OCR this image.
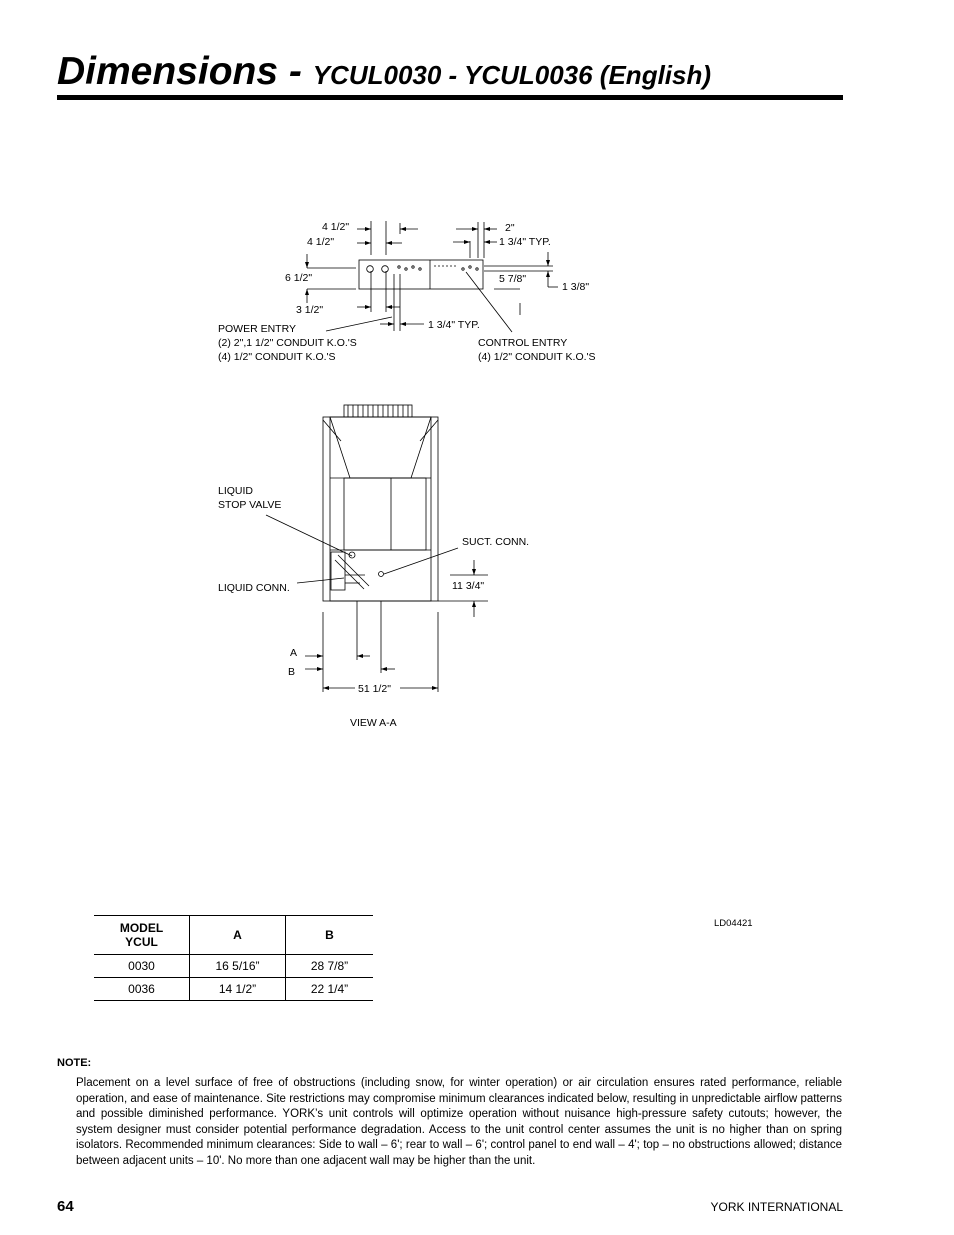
Dimensions - YCUL0030 - YCUL0036 (English)
4 1/2"
4 1/2"
2"
1 3/4" TYP.
6 1/2"	5 7/8"
1 3/8"
3 1/2"
1 3/4" TYP.
POWER ENTRY
(2) 2",1 1/2" CONDUIT K.O.'S
(4) 1/2" CONDUIT K.O.'S
CONTROL ENTRY
(4) 1/2" CONDUIT K.O.'S
LIQUID
STOP VALVE
SUCT. CONN.
LIQUID CONN.	11 3/4"
A
B
51 1/2"
VIEW A-A
LD04421
MODEL
YCUL	A	B
0030	16 5/16”	28 7/8”
0036	14 1/2”	22 1/4”
NOTE:
Placement on a level surface of free of obstructions (including snow, for winter operation) or air circulation ensures rated performance, reliable operation, and ease of maintenance. Site restrictions may compromise minimum clearances indicated below, resulting in unpredictable airflow patterns and possible diminished performance. YORK’s unit controls will optimize operation without nuisance high-pressure safety cutouts; however, the system designer must consider potential performance degradation. Access to the unit control center assumes the unit is no higher than on spring isolators. Recommended minimum clearances: Side to wall – 6'; rear to wall – 6'; control panel to end wall – 4'; top – no obstructions allowed; distance between adjacent units – 10'. No more than one adjacent wall may be higher than the unit.
64	YORK INTERNATIONAL
